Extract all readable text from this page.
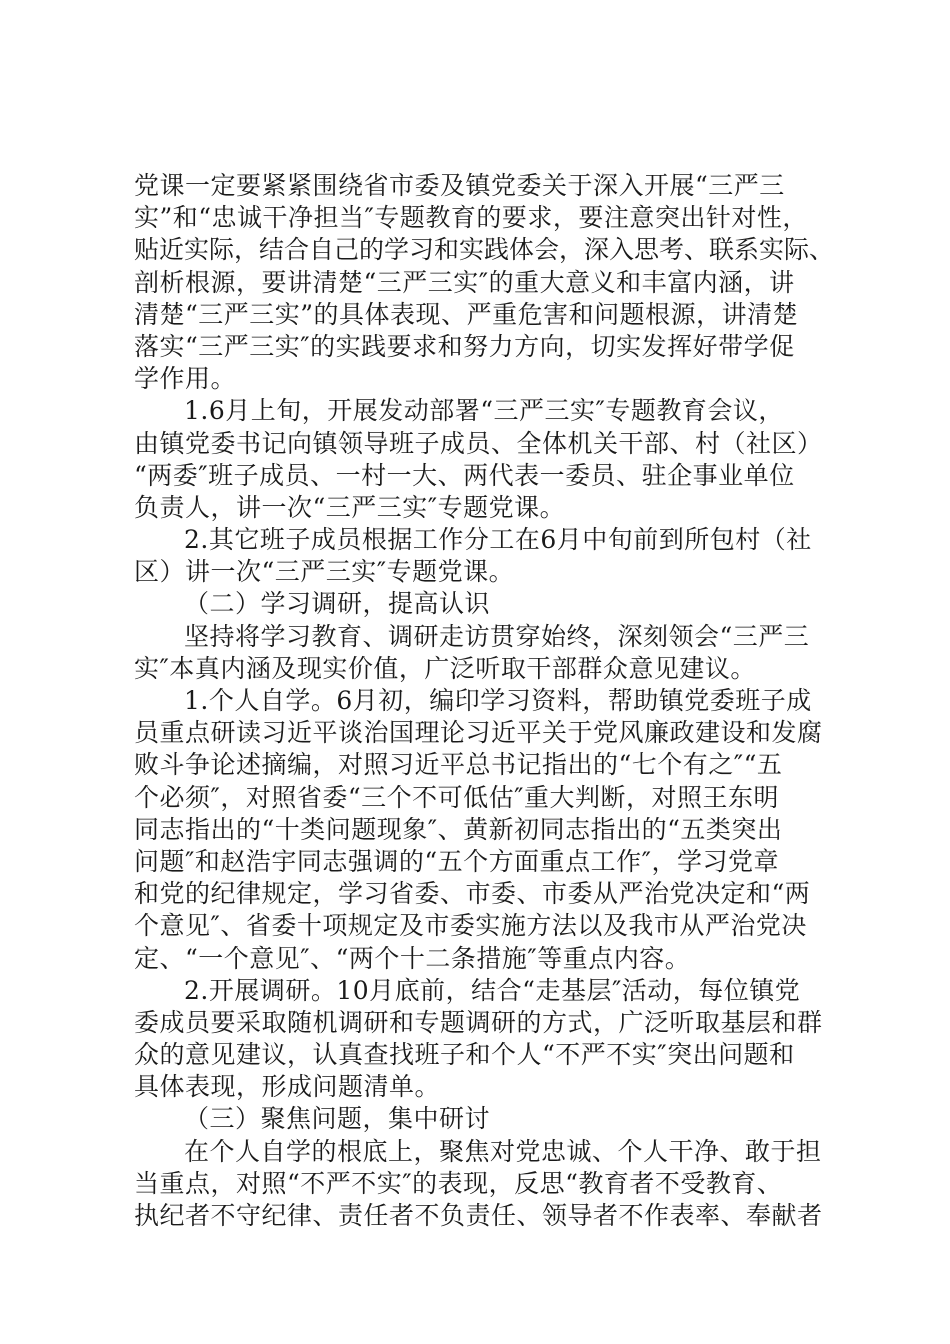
党课一定要紧紧围绕省市委及镇党委关于深入开展“三严三
实”和“忠诚干净担当″专题教育的要求，要注意突出针对性，
贴近实际，结合自己的学习和实践体会，深入思考、联系实际、
剖析根源，要讲清楚“三严三实″的重大意义和丰富内涵，讲
清楚“三严三实”的具体表现、严重危害和问题根源，讲清楚
落实“三严三实″的实践要求和努力方向，切实发挥好带学促
学作用。
1.6月上旬，开展发动部署“三严三实″专题教育会议，
由镇党委书记向镇领导班子成员、全体机关干部、村（社区）
“两委″班子成员、一村一大、两代表一委员、驻企事业单位
负责人，讲一次“三严三实″专题党课。
2.其它班子成员根据工作分工在6月中旬前到所包村（社
区）讲一次“三严三实″专题党课。
（二）学习调研，提高认识
坚持将学习教育、调研走访贯穿始终，深刻领会“三严三
实″本真内涵及现实价值，广泛听取干部群众意见建议。
1.个人自学。6月初，编印学习资料，帮助镇党委班子成
员重点研读习近平谈治国理论习近平关于党风廉政建设和发腐
败斗争论述摘编，对照习近平总书记指出的“七个有之″“五
个必须″，对照省委“三个不可低估″重大判断，对照王东明
同志指出的“十类问题现象″、黄新初同志指出的“五类突出
问题″和赵浩宇同志强调的“五个方面重点工作″，学习党章
和党的纪律规定，学习省委、市委、市委从严治党决定和“两
个意见″、省委十项规定及市委实施方法以及我市从严治党决
定、“一个意见″、“两个十二条措施″等重点内容。
2.开展调研。10月底前，结合“走基层″活动，每位镇党
委成员要采取随机调研和专题调研的方式，广泛听取基层和群
众的意见建议，认真查找班子和个人“不严不实″突出问题和
具体表现，形成问题清单。
（三）聚焦问题，集中研讨
在个人自学的根底上，聚焦对党忠诚、个人干净、敢于担
当重点，对照“不严不实″的表现，反思“教育者不受教育、
执纪者不守纪律、责任者不负责任、领导者不作表率、奉献者
